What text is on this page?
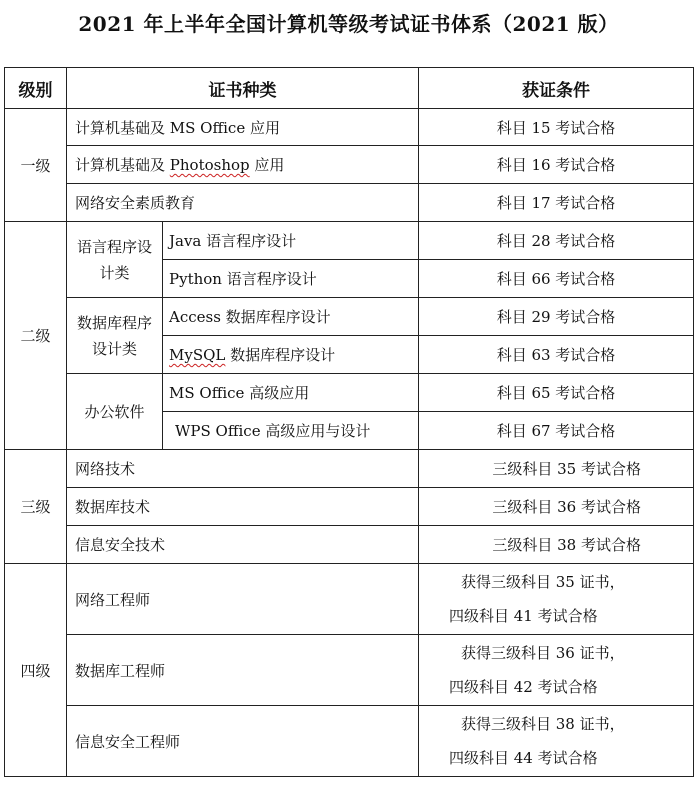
2021 年上半年全国计算机等级考试证书体系（2021 版）
级别	证书种类		获证条件
一级	计算机基础及 MS Office 应用		科目 15 考试合格
	计算机基础及 Photoshop 应用		科目 16 考试合格
	网络安全素质教育		科目 17 考试合格
二级	语言程序设计类	Java 语言程序设计	科目 28 考试合格
		Python 语言程序设计	科目 66 考试合格
	数据库程序设计类	Access 数据库程序设计	科目 29 考试合格
		MySQL 数据库程序设计	科目 63 考试合格
	办公软件	MS Office 高级应用	科目 65 考试合格
		WPS Office 高级应用与设计	科目 67 考试合格
三级	网络技术		三级科目 35 考试合格
	数据库技术		三级科目 36 考试合格
	信息安全技术		三级科目 38 考试合格
四级	网络工程师		获得三级科目 35 证书，
四级科目 41 考试合格
	数据库工程师		获得三级科目 36 证书，
四级科目 42 考试合格
	信息安全工程师		获得三级科目 38 证书，
四级科目 44 考试合格
